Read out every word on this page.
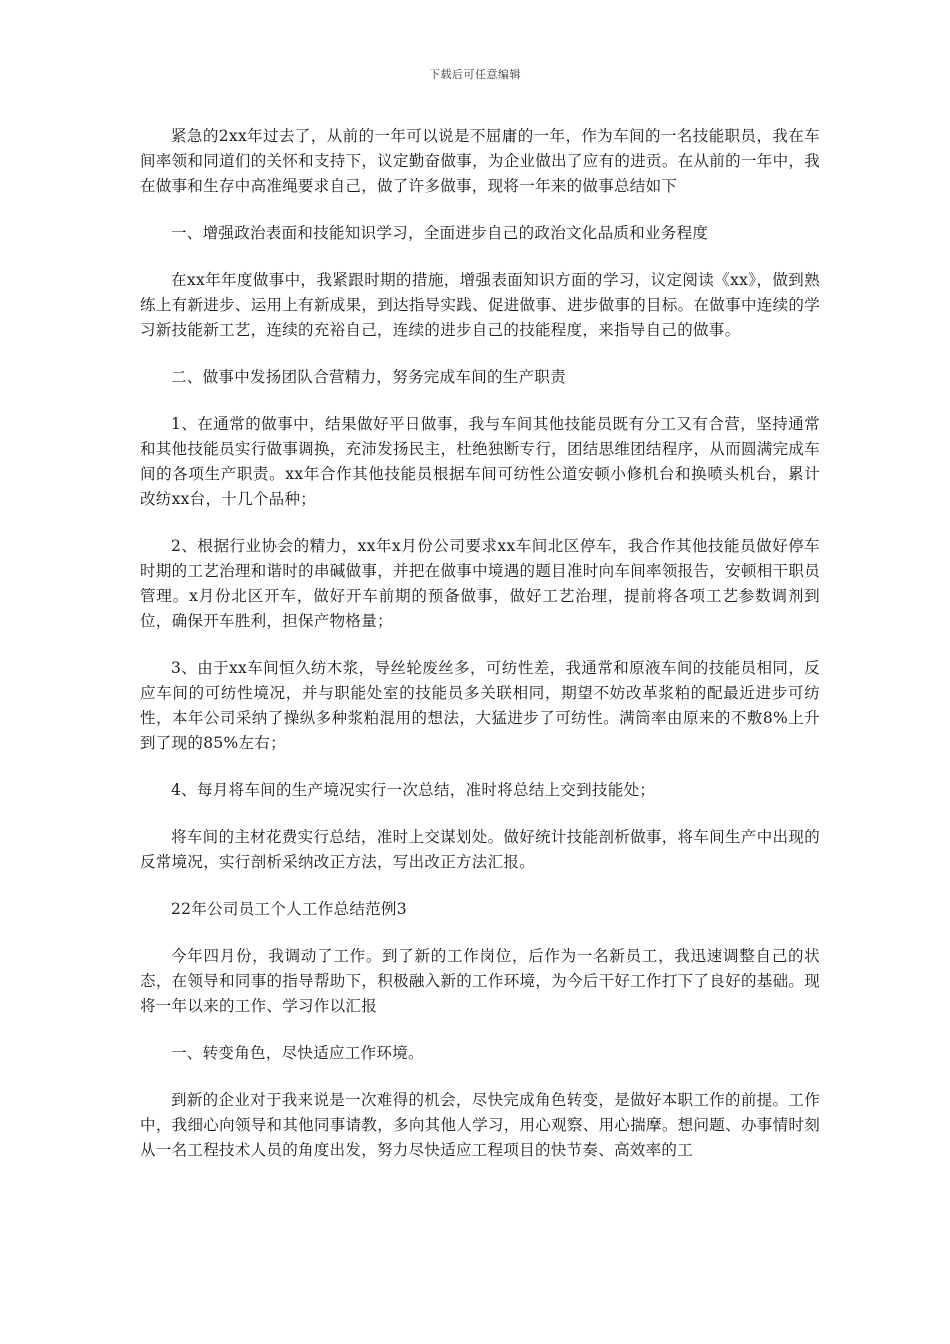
下载后可任意编辑

紧急的2xx年过去了，从前的一年可以说是不屈庸的一年，作为车间的一名技能职员，我在车间率领和同道们的关怀和支持下，议定勤奋做事，为企业做出了应有的进贡。在从前的一年中，我在做事和生存中高准绳要求自己，做了许多做事，现将一年来的做事总结如下

一、增强政治表面和技能知识学习，全面进步自己的政治文化品质和业务程度

在xx年年度做事中，我紧跟时期的措施，增强表面知识方面的学习，议定阅读《xx》，做到熟练上有新进步、运用上有新成果，到达指导实践、促进做事、进步做事的目标。在做事中连续的学习新技能新工艺，连续的充裕自己，连续的进步自己的技能程度，来指导自己的做事。

二、做事中发扬团队合营精力，努务完成车间的生产职责

1、在通常的做事中，结果做好平日做事，我与车间其他技能员既有分工又有合营，坚持通常和其他技能员实行做事调换，充沛发扬民主，杜绝独断专行，团结思维团结程序，从而圆满完成车间的各项生产职责。xx年合作其他技能员根据车间可纺性公道安顿小修机台和换喷头机台，累计改纺xx台，十几个品种；

2、根据行业协会的精力，xx年x月份公司要求xx车间北区停车，我合作其他技能员做好停车时期的工艺治理和谐时的串碱做事，并把在做事中境遇的题目准时向车间率领报告，安顿相干职员管理。x月份北区开车，做好开车前期的预备做事，做好工艺治理，提前将各项工艺参数调剂到位，确保开车胜利，担保产物格量；

3、由于xx车间恒久纺木浆，导丝轮废丝多，可纺性差，我通常和原液车间的技能员相同，反应车间的可纺性境况，并与职能处室的技能员多关联相同，期望不妨改革浆粕的配最近进步可纺性，本年公司采纳了操纵多种浆粕混用的想法，大猛进步了可纺性。满筒率由原来的不敷8%上升到了现的85%左右；

4、每月将车间的生产境况实行一次总结，准时将总结上交到技能处；

将车间的主材花费实行总结，准时上交谋划处。做好统计技能剖析做事，将车间生产中出现的反常境况，实行剖析采纳改正方法，写出改正方法汇报。

22年公司员工个人工作总结范例3

今年四月份，我调动了工作。到了新的工作岗位，后作为一名新员工，我迅速调整自己的状态，在领导和同事的指导帮助下，积极融入新的工作环境，为今后干好工作打下了良好的基础。现将一年以来的工作、学习作以汇报

一、转变角色，尽快适应工作环境。

到新的企业对于我来说是一次难得的机会，尽快完成角色转变，是做好本职工作的前提。工作中，我细心向领导和其他同事请教，多向其他人学习，用心观察、用心揣摩。想问题、办事情时刻从一名工程技术人员的角度出发，努力尽快适应工程项目的快节奏、高效率的工
